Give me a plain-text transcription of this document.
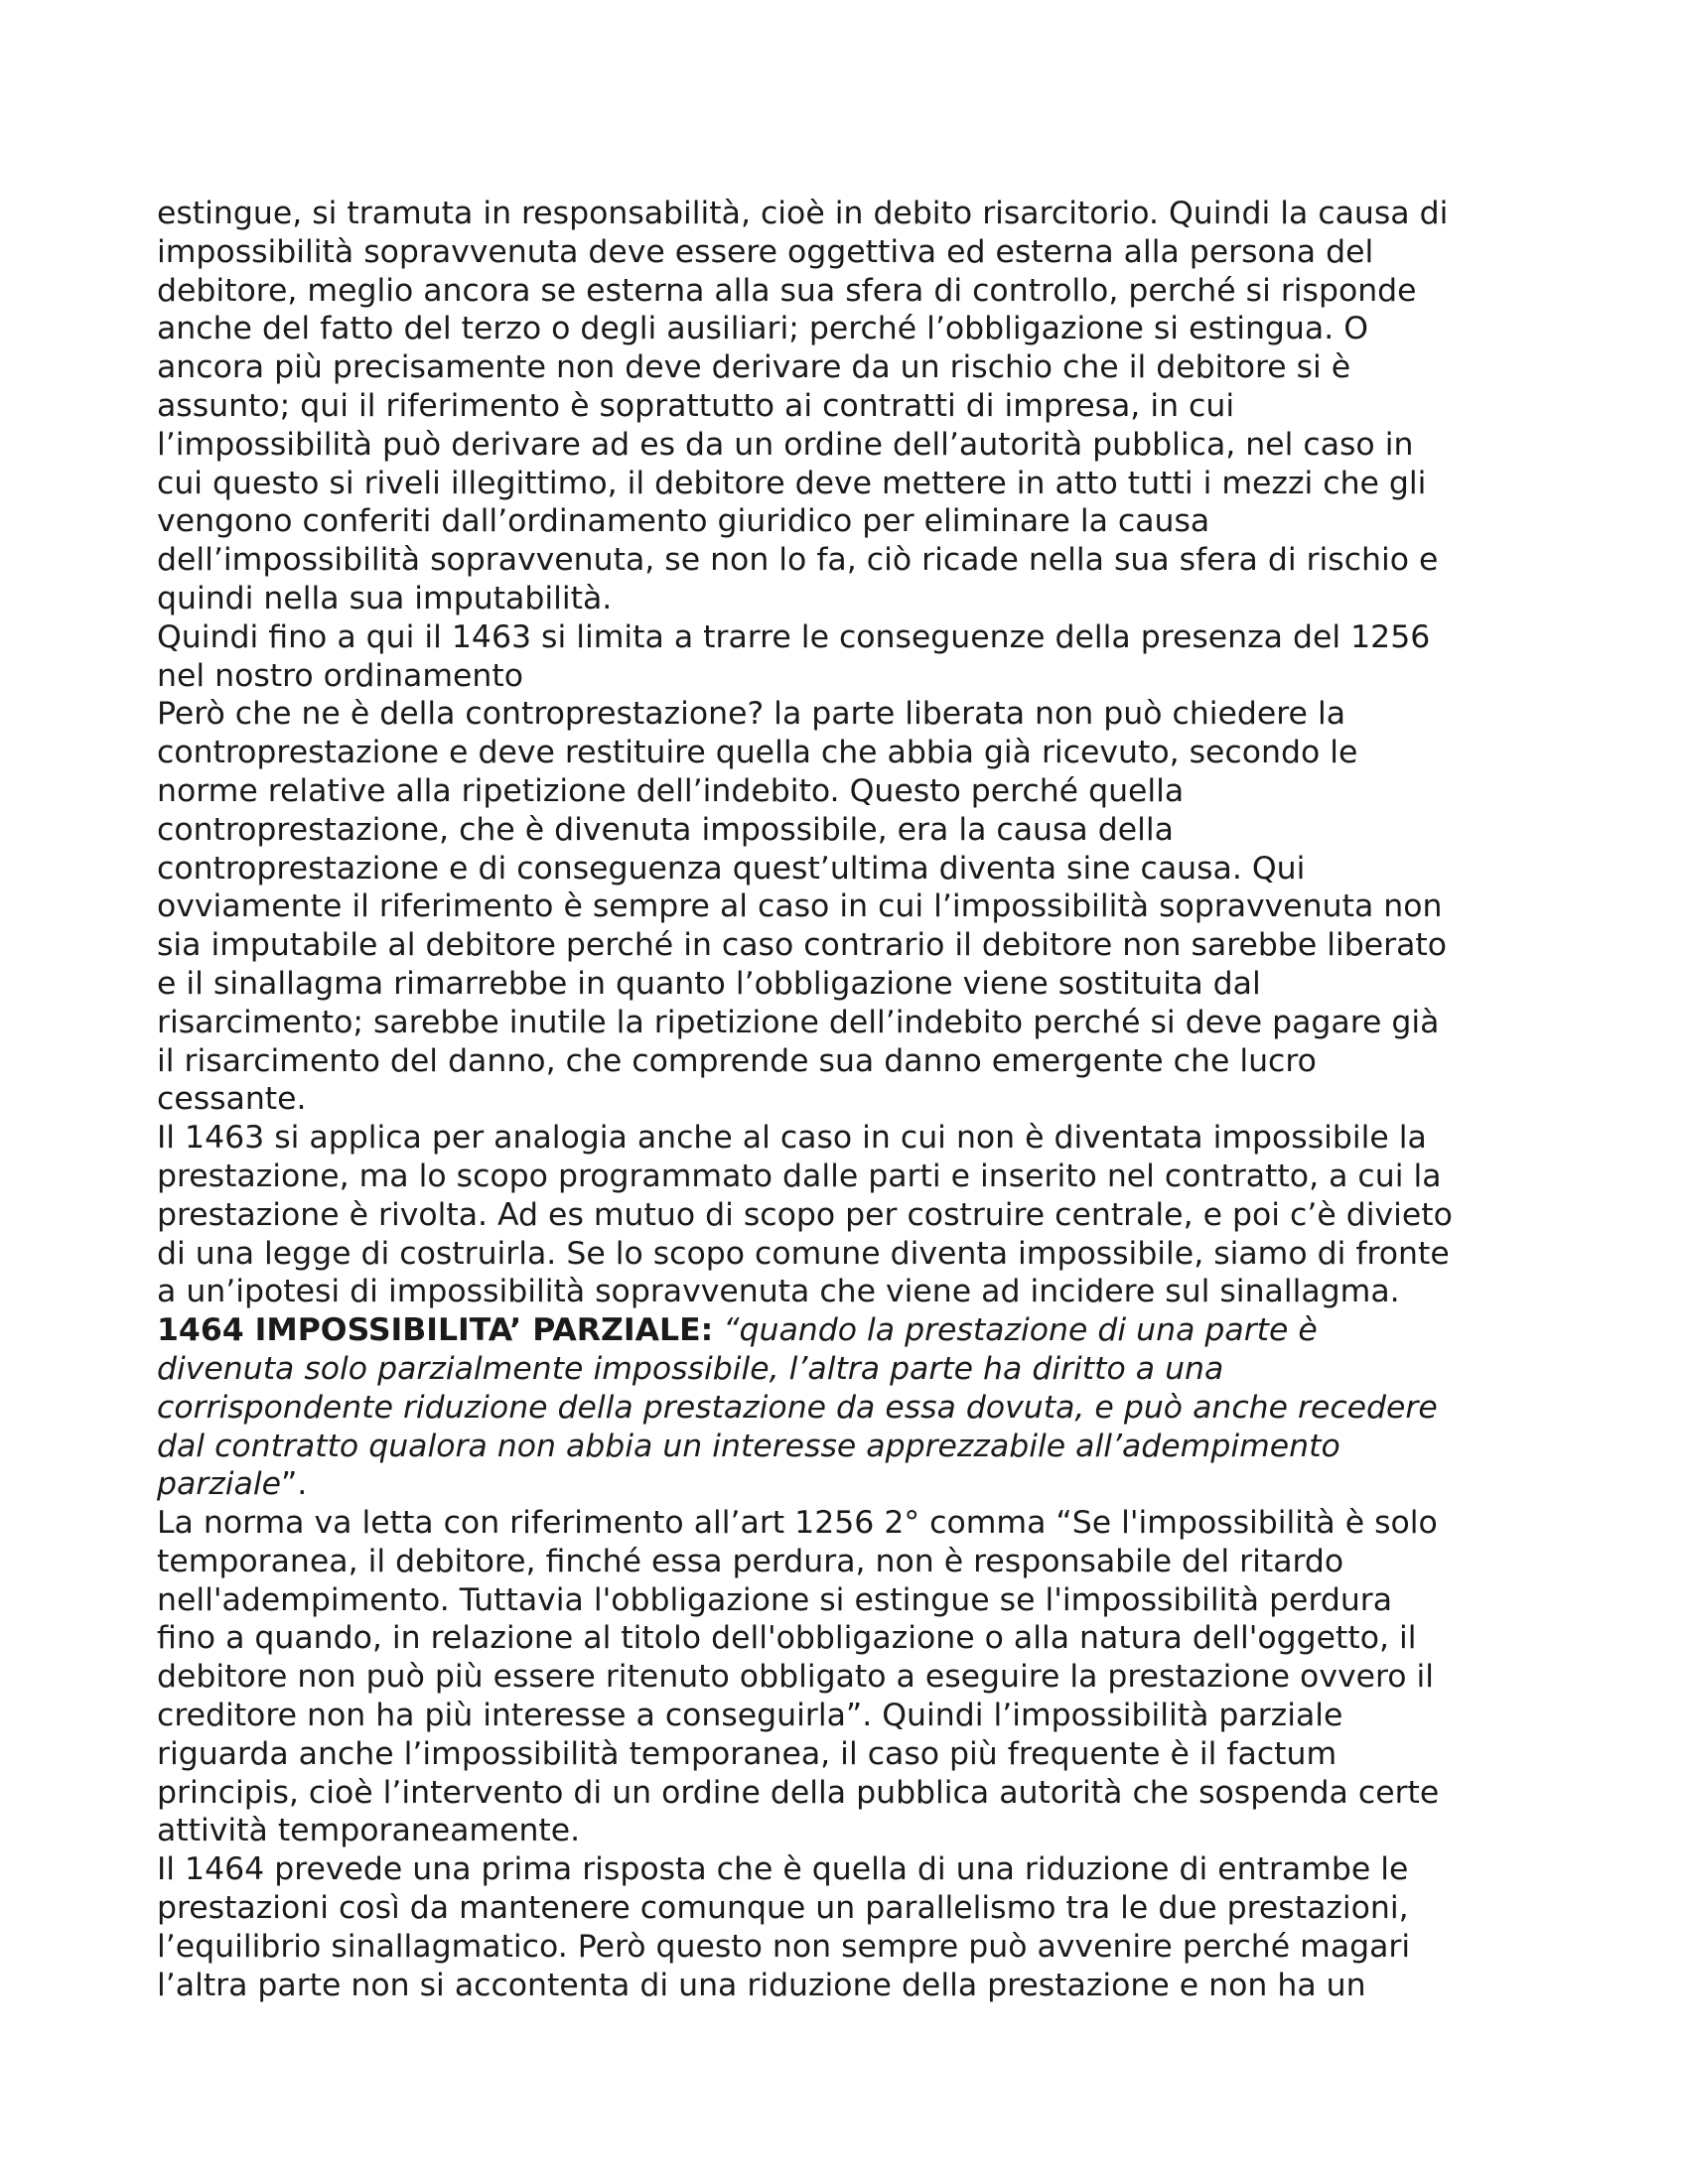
estingue, si tramuta in responsabilità, cioè in debito risarcitorio. Quindi la causa di
impossibilità sopravvenuta deve essere oggettiva ed esterna alla persona del
debitore, meglio ancora se esterna alla sua sfera di controllo, perché si risponde
anche del fatto del terzo o degli ausiliari; perché l’obbligazione si estingua. O
ancora più precisamente non deve derivare da un rischio che il debitore si è
assunto; qui il riferimento è soprattutto ai contratti di impresa, in cui
l’impossibilità può derivare ad es da un ordine dell’autorità pubblica, nel caso in
cui questo si riveli illegittimo, il debitore deve mettere in atto tutti i mezzi che gli
vengono conferiti dall’ordinamento giuridico per eliminare la causa
dell’impossibilità sopravvenuta, se non lo fa, ciò ricade nella sua sfera di rischio e
quindi nella sua imputabilità.
Quindi fino a qui il 1463 si limita a trarre le conseguenze della presenza del 1256
nel nostro ordinamento
Però che ne è della controprestazione? la parte liberata non può chiedere la
controprestazione e deve restituire quella che abbia già ricevuto, secondo le
norme relative alla ripetizione dell’indebito. Questo perché quella
controprestazione, che è divenuta impossibile, era la causa della
controprestazione e di conseguenza quest’ultima diventa sine causa. Qui
ovviamente il riferimento è sempre al caso in cui l’impossibilità sopravvenuta non
sia imputabile al debitore perché in caso contrario il debitore non sarebbe liberato
e il sinallagma rimarrebbe in quanto l’obbligazione viene sostituita dal
risarcimento; sarebbe inutile la ripetizione dell’indebito perché si deve pagare già
il risarcimento del danno, che comprende sua danno emergente che lucro
cessante.
Il 1463 si applica per analogia anche al caso in cui non è diventata impossibile la
prestazione, ma lo scopo programmato dalle parti e inserito nel contratto, a cui la
prestazione è rivolta. Ad es mutuo di scopo per costruire centrale, e poi c’è divieto
di una legge di costruirla. Se lo scopo comune diventa impossibile, siamo di fronte
a un’ipotesi di impossibilità sopravvenuta che viene ad incidere sul sinallagma.
1464 IMPOSSIBILITA’ PARZIALE: “quando la prestazione di una parte è
divenuta solo parzialmente impossibile, l’altra parte ha diritto a una
corrispondente riduzione della prestazione da essa dovuta, e può anche recedere
dal contratto qualora non abbia un interesse apprezzabile all’adempimento
parziale”.
La norma va letta con riferimento all’art 1256 2° comma “Se l'impossibilità è solo
temporanea, il debitore, finché essa perdura, non è responsabile del ritardo
nell'adempimento. Tuttavia l'obbligazione si estingue se l'impossibilità perdura
fino a quando, in relazione al titolo dell'obbligazione o alla natura dell'oggetto, il
debitore non può più essere ritenuto obbligato a eseguire la prestazione ovvero il
creditore non ha più interesse a conseguirla”. Quindi l’impossibilità parziale
riguarda anche l’impossibilità temporanea, il caso più frequente è il factum
principis, cioè l’intervento di un ordine della pubblica autorità che sospenda certe
attività temporaneamente.
Il 1464 prevede una prima risposta che è quella di una riduzione di entrambe le
prestazioni così da mantenere comunque un parallelismo tra le due prestazioni,
l’equilibrio sinallagmatico. Però questo non sempre può avvenire perché magari
l’altra parte non si accontenta di una riduzione della prestazione e non ha un
